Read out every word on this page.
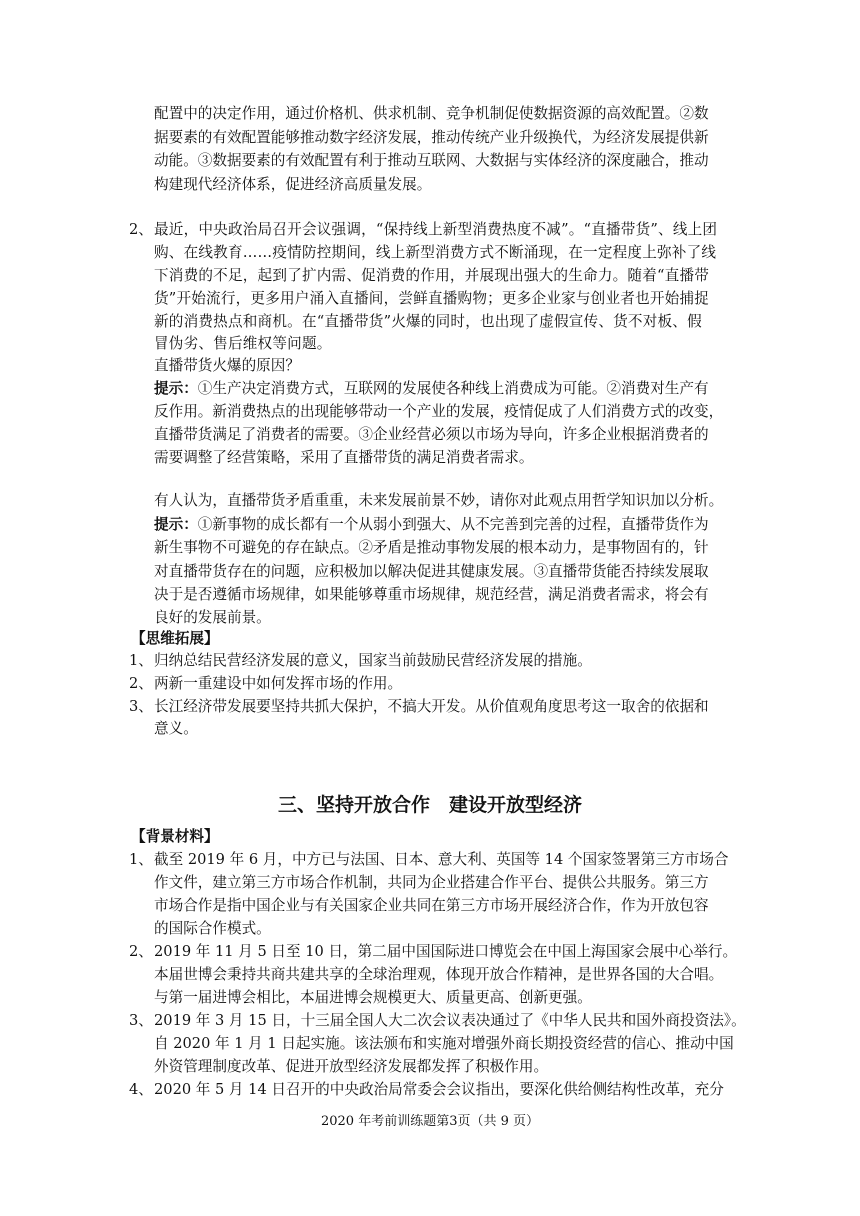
配置中的决定作用，通过价格机、供求机制、竞争机制促使数据资源的高效配置。②数
据要素的有效配置能够推动数字经济发展，推动传统产业升级换代，为经济发展提供新
动能。③数据要素的有效配置有利于推动互联网、大数据与实体经济的深度融合，推动
构建现代经济体系，促进经济高质量发展。
2、 最近，中央政治局召开会议强调，“保持线上新型消费热度不减”。“直播带货”、线上团
购、在线教育……疫情防控期间，线上新型消费方式不断涌现，在一定程度上弥补了线
下消费的不足，起到了扩内需、促消费的作用，并展现出强大的生命力。随着“直播带
货”开始流行，更多用户涌入直播间，尝鲜直播购物；更多企业家与创业者也开始捕捉
新的消费热点和商机。在“直播带货”火爆的同时，也出现了虚假宣传、货不对板、假
冒伪劣、售后维权等问题。
直播带货火爆的原因？
提示：①生产决定消费方式，互联网的发展使各种线上消费成为可能。②消费对生产有
反作用。新消费热点的出现能够带动一个产业的发展，疫情促成了人们消费方式的改变，
直播带货满足了消费者的需要。③企业经营必须以市场为导向，许多企业根据消费者的
需要调整了经营策略，采用了直播带货的满足消费者需求。
有人认为，直播带货矛盾重重，未来发展前景不妙，请你对此观点用哲学知识加以分析。
提示：①新事物的成长都有一个从弱小到强大、从不完善到完善的过程，直播带货作为
新生事物不可避免的存在缺点。②矛盾是推动事物发展的根本动力，是事物固有的，针
对直播带货存在的问题，应积极加以解决促进其健康发展。③直播带货能否持续发展取
决于是否遵循市场规律，如果能够尊重市场规律，规范经营，满足消费者需求，将会有
良好的发展前景。
【思维拓展】
1、 归纳总结民营经济发展的意义，国家当前鼓励民营经济发展的措施。
2、 两新一重建设中如何发挥市场的作用。
3、 长江经济带发展要坚持共抓大保护，不搞大开发。从价值观角度思考这一取舍的依据和
意义。
三、坚持开放合作　建设开放型经济
【背景材料】
1、 截至 2019 年 6 月，中方已与法国、日本、意大利、英国等 14 个国家签署第三方市场合
作文件，建立第三方市场合作机制，共同为企业搭建合作平台、提供公共服务。第三方
市场合作是指中国企业与有关国家企业共同在第三方市场开展经济合作，作为开放包容
的国际合作模式。
2、 2019 年 11 月 5 日至 10 日，第二届中国国际进口博览会在中国上海国家会展中心举行。
本届世博会秉持共商共建共享的全球治理观，体现开放合作精神，是世界各国的大合唱。
与第一届进博会相比，本届进博会规模更大、质量更高、创新更强。
3、 2019 年 3 月 15 日，十三届全国人大二次会议表决通过了《中华人民共和国外商投资法》。
自 2020 年 1 月 1 日起实施。该法颁布和实施对增强外商长期投资经营的信心、推动中国
外资管理制度改革、促进开放型经济发展都发挥了积极作用。
4、 2020 年 5 月 14 日召开的中央政治局常委会会议指出，要深化供给侧结构性改革，充分
2020 年考前训练题第3页（共 9 页）
